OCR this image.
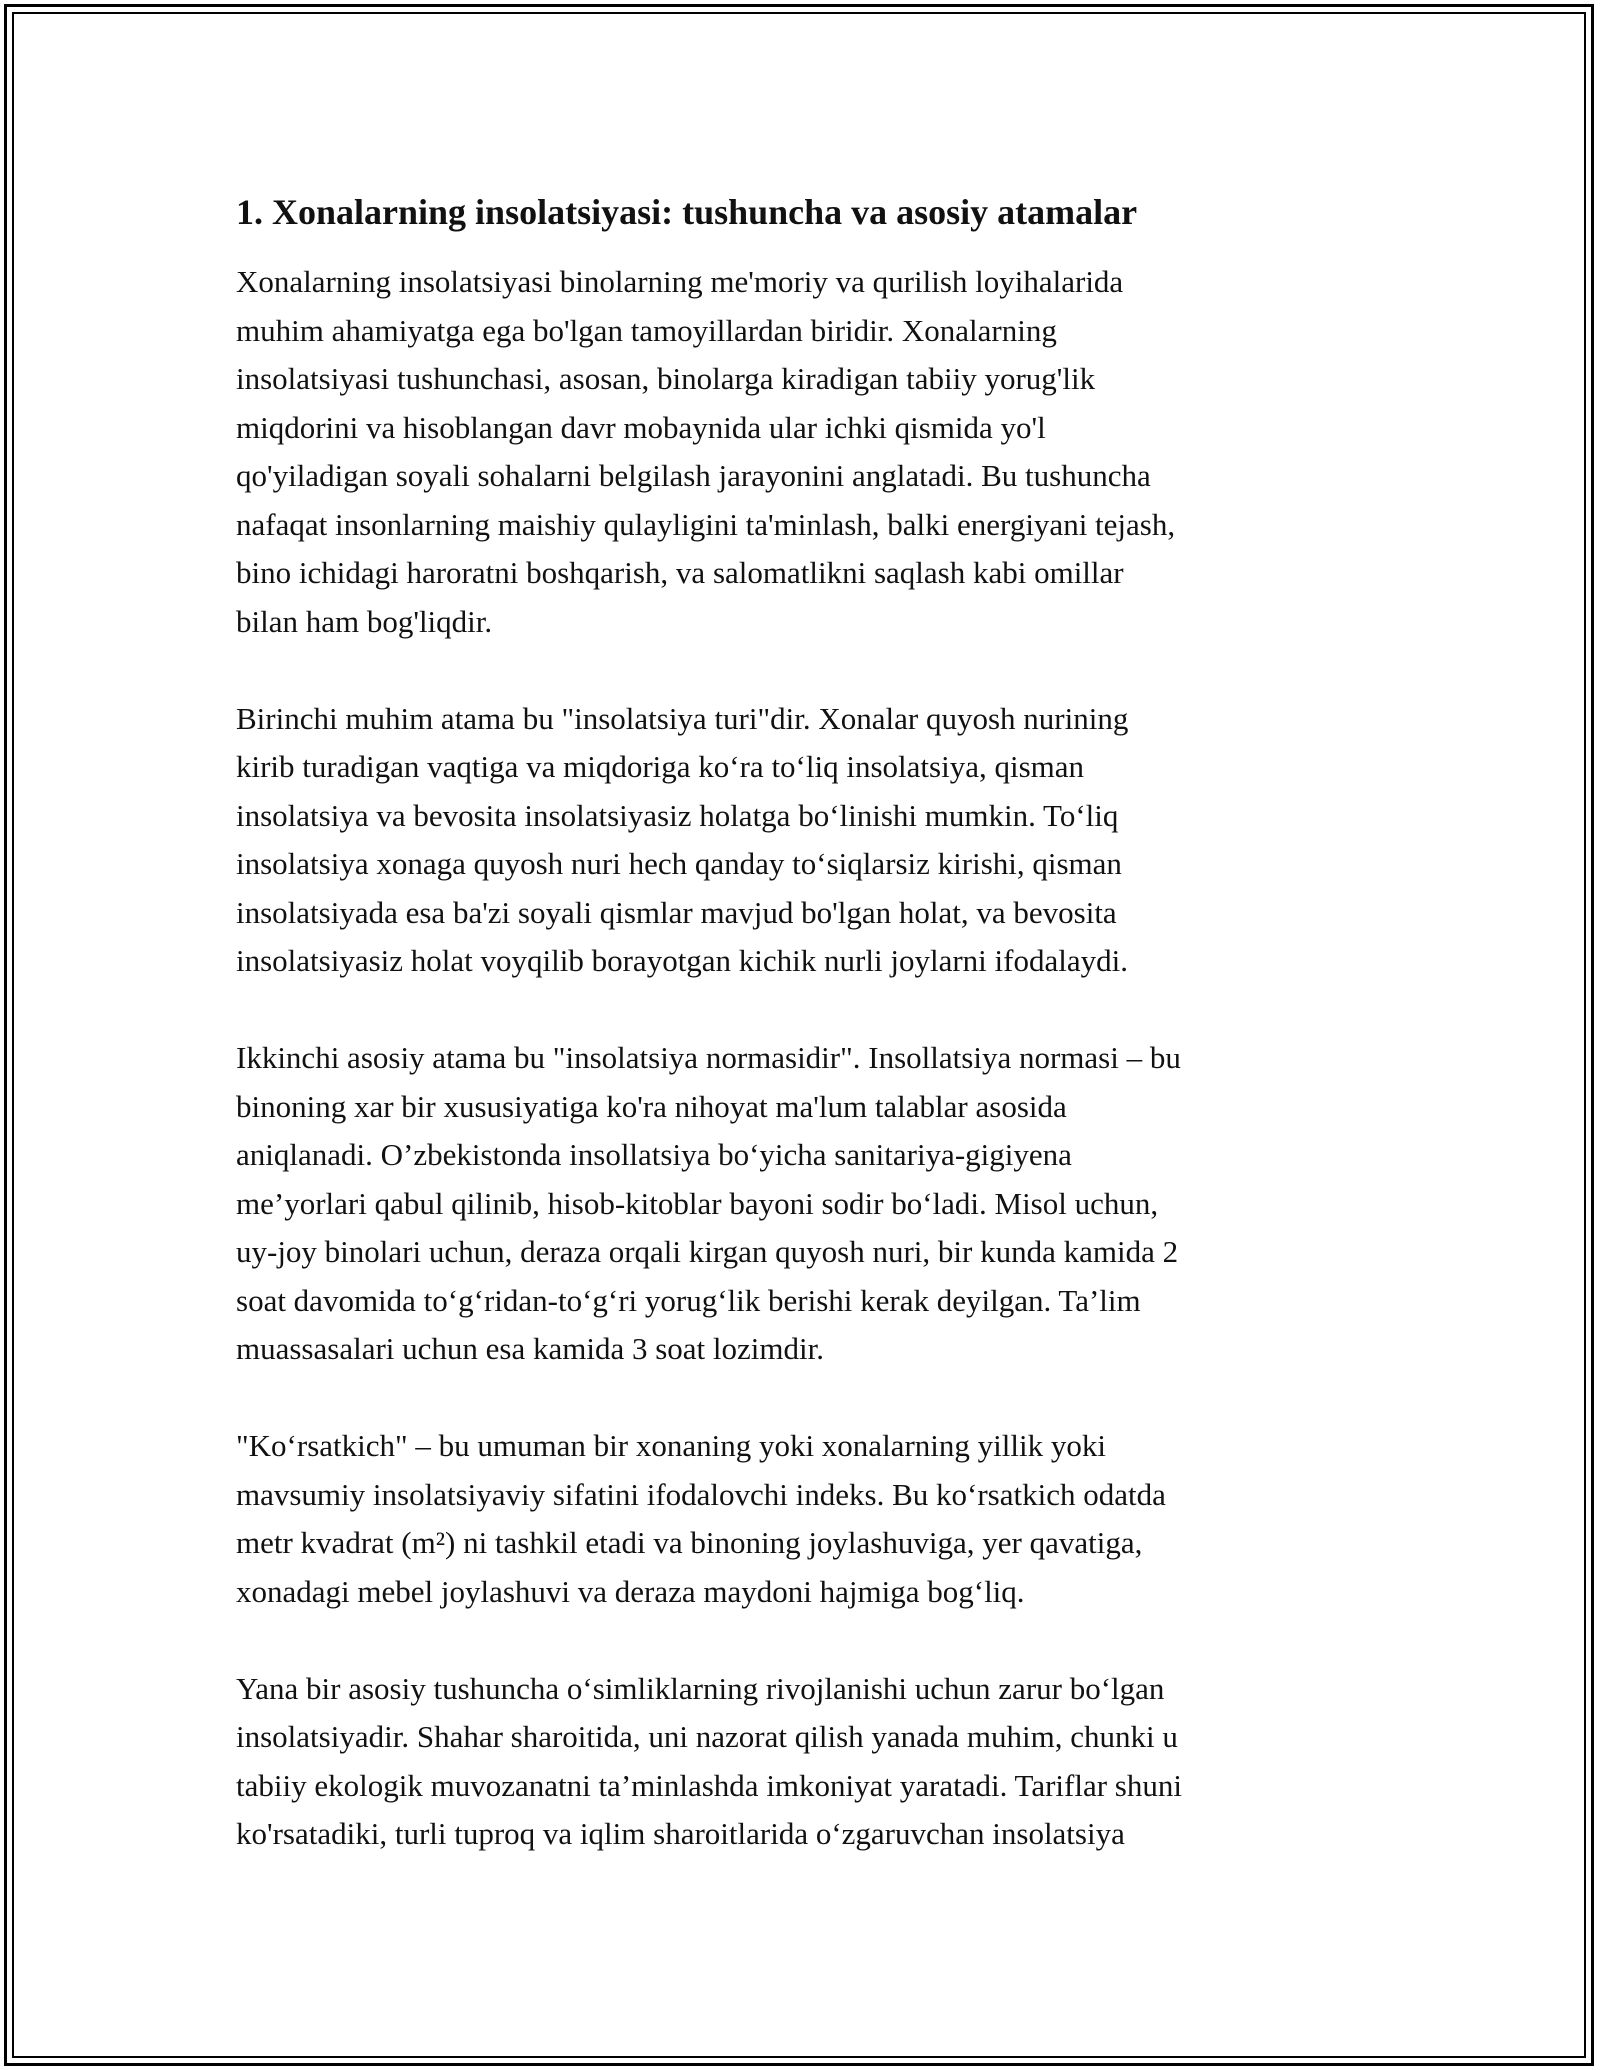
1. Xonalarning insolatsiyasi: tushuncha va asosiy atamalar

Xonalarning insolatsiyasi binolarning me'moriy va qurilish loyihalarida
muhim ahamiyatga ega bo'lgan tamoyillardan biridir. Xonalarning
insolatsiyasi tushunchasi, asosan, binolarga kiradigan tabiiy yorug'lik
miqdorini va hisoblangan davr mobaynida ular ichki qismida yo'l
qo'yiladigan soyali sohalarni belgilash jarayonini anglatadi. Bu tushuncha
nafaqat insonlarning maishiy qulayligini ta'minlash, balki energiyani tejash,
bino ichidagi haroratni boshqarish, va salomatlikni saqlash kabi omillar
bilan ham bog'liqdir.

Birinchi muhim atama bu "insolatsiya turi"dir. Xonalar quyosh nurining
kirib turadigan vaqtiga va miqdoriga ko‘ra to‘liq insolatsiya, qisman
insolatsiya va bevosita insolatsiyasiz holatga bo‘linishi mumkin. To‘liq
insolatsiya xonaga quyosh nuri hech qanday to‘siqlarsiz kirishi, qisman
insolatsiyada esa ba'zi soyali qismlar mavjud bo'lgan holat, va bevosita
insolatsiyasiz holat voyqilib borayotgan kichik nurli joylarni ifodalaydi.

Ikkinchi asosiy atama bu "insolatsiya normasidir". Insollatsiya normasi – bu
binoning xar bir xususiyatiga ko'ra nihoyat ma'lum talablar asosida
aniqlanadi. O’zbekistonda insollatsiya bo‘yicha sanitariya-gigiyena
me’yorlari qabul qilinib, hisob-kitoblar bayoni sodir bo‘ladi. Misol uchun,
uy-joy binolari uchun, deraza orqali kirgan quyosh nuri, bir kunda kamida 2
soat davomida to‘g‘ridan-to‘g‘ri yorug‘lik berishi kerak deyilgan. Ta’lim
muassasalari uchun esa kamida 3 soat lozimdir.

"Ko‘rsatkich" – bu umuman bir xonaning yoki xonalarning yillik yoki
mavsumiy insolatsiyaviy sifatini ifodalovchi indeks. Bu ko‘rsatkich odatda
metr kvadrat (m²) ni tashkil etadi va binoning joylashuviga, yer qavatiga,
xonadagi mebel joylashuvi va deraza maydoni hajmiga bog‘liq.

Yana bir asosiy tushuncha o‘simliklarning rivojlanishi uchun zarur bo‘lgan
insolatsiyadir. Shahar sharoitida, uni nazorat qilish yanada muhim, chunki u
tabiiy ekologik muvozanatni ta’minlashda imkoniyat yaratadi. Tariflar shuni
ko'rsatadiki, turli tuproq va iqlim sharoitlarida o‘zgaruvchan insolatsiya
